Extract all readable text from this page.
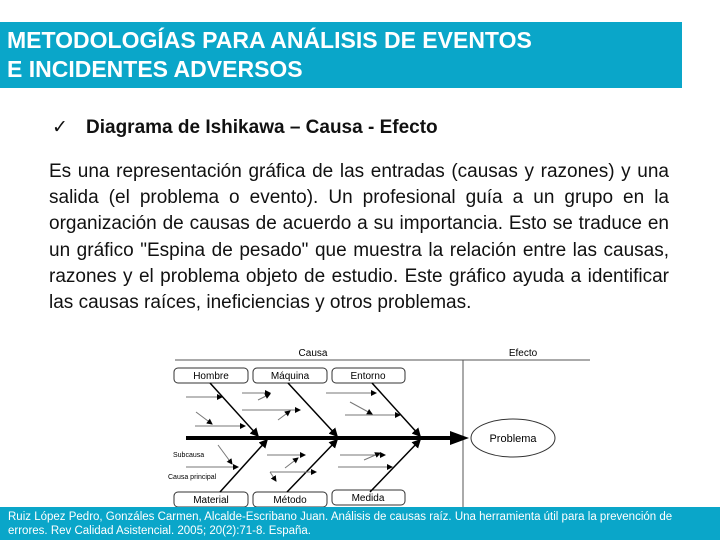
METODOLOGÍAS PARA ANÁLISIS DE EVENTOS
E INCIDENTES ADVERSOS
✓ Diagrama de Ishikawa – Causa - Efecto
Es una representación gráfica de las entradas (causas y razones) y una salida (el problema o evento). Un profesional guía a un grupo en la organización de causas de acuerdo a su importancia. Esto se traduce en un gráfico "Espina de pesado" que muestra la relación entre las causas, razones y el problema objeto de estudio. Este gráfico ayuda a identificar las causas raíces, ineficiencias y otros problemas.
Causa	Efecto
Hombre	Máquina	Entorno
Material	Método	Medida
Subcausa
Causa principal
Problema
Ruiz López Pedro, Gonzáles Carmen, Alcalde-Escribano Juan. Análisis de causas raíz. Una herramienta útil para la prevención de
errores. Rev Calidad Asistencial. 2005; 20(2):71-8. España.
